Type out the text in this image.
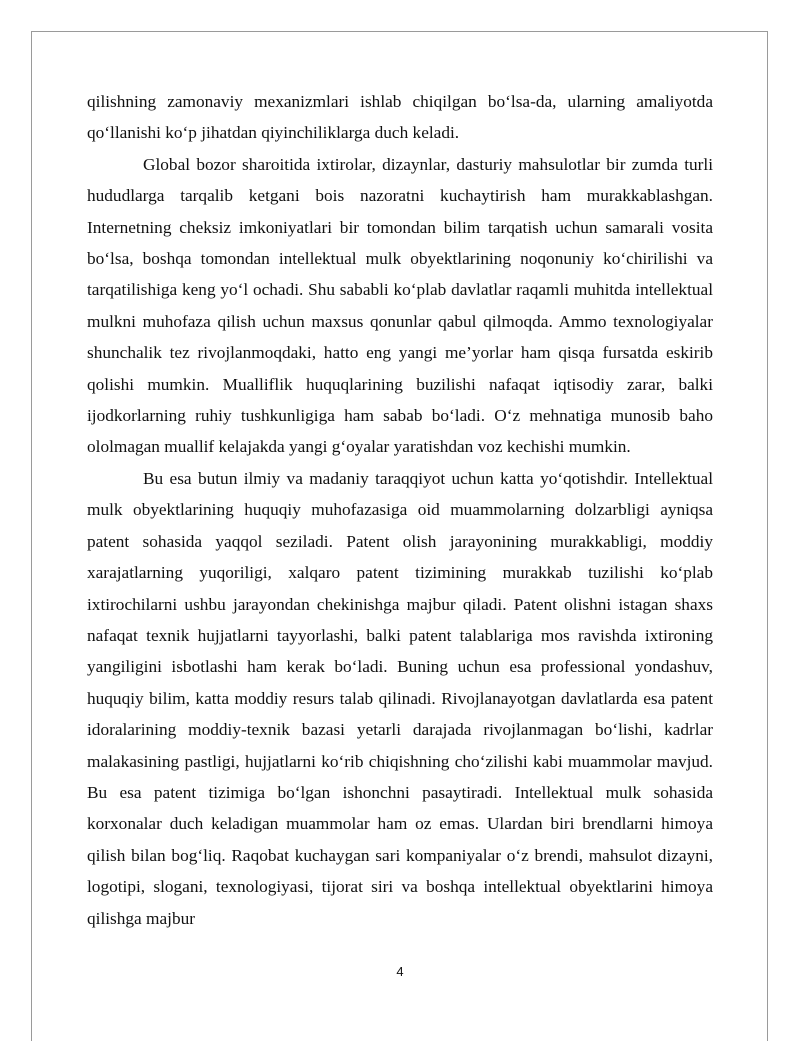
qilishning zamonaviy mexanizmlari ishlab chiqilgan bo‘lsa-da, ularning amaliyotda qo‘llanishi ko‘p jihatdan qiyinchiliklarga duch keladi.

Global bozor sharoitida ixtirolar, dizaynlar, dasturiy mahsulotlar bir zumda turli hududlarga tarqalib ketgani bois nazoratni kuchaytirish ham murakkablashgan. Internetning cheksiz imkoniyatlari bir tomondan bilim tarqatish uchun samarali vosita bo‘lsa, boshqa tomondan intellektual mulk obyektlarining noqonuniy ko‘chirilishi va tarqatilishiga keng yo‘l ochadi. Shu sababli ko‘plab davlatlar raqamli muhitda intellektual mulkni muhofaza qilish uchun maxsus qonunlar qabul qilmoqda. Ammo texnologiyalar shunchalik tez rivojlanmoqdaki, hatto eng yangi me’yorlar ham qisqa fursatda eskirib qolishi mumkin. Mualliflik huquqlarining buzilishi nafaqat iqtisodiy zarar, balki ijodkorlarning ruhiy tushkunligiga ham sabab bo‘ladi. O‘z mehnatiga munosib baho ololmagan muallif kelajakda yangi g‘oyalar yaratishdan voz kechishi mumkin.

Bu esa butun ilmiy va madaniy taraqqiyot uchun katta yo‘qotishdir. Intellektual mulk obyektlarining huquqiy muhofazasiga oid muammolarning dolzarbligi ayniqsa patent sohasida yaqqol seziladi. Patent olish jarayonining murakkabligi, moddiy xarajatlarning yuqoriligi, xalqaro patent tizimining murakkab tuzilishi ko‘plab ixtirochilarni ushbu jarayondan chekinishga majbur qiladi. Patent olishni istagan shaxs nafaqat texnik hujjatlarni tayyorlashi, balki patent talablariga mos ravishda ixtironing yangiligini isbotlashi ham kerak bo‘ladi. Buning uchun esa professional yondashuv, huquqiy bilim, katta moddiy resurs talab qilinadi. Rivojlanayotgan davlatlarda esa patent idoralarining moddiy-texnik bazasi yetarli darajada rivojlanmagan bo‘lishi, kadrlar malakasining pastligi, hujjatlarni ko‘rib chiqishning cho‘zilishi kabi muammolar mavjud. Bu esa patent tizimiga bo‘lgan ishonchni pasaytiradi. Intellektual mulk sohasida korxonalar duch keladigan muammolar ham oz emas. Ulardan biri brendlarni himoya qilish bilan bog‘liq. Raqobat kuchaygan sari kompaniyalar o‘z brendi, mahsulot dizayni, logotipi, slogani, texnologiyasi, tijorat siri va boshqa intellektual obyektlarini himoya qilishga majbur

4
